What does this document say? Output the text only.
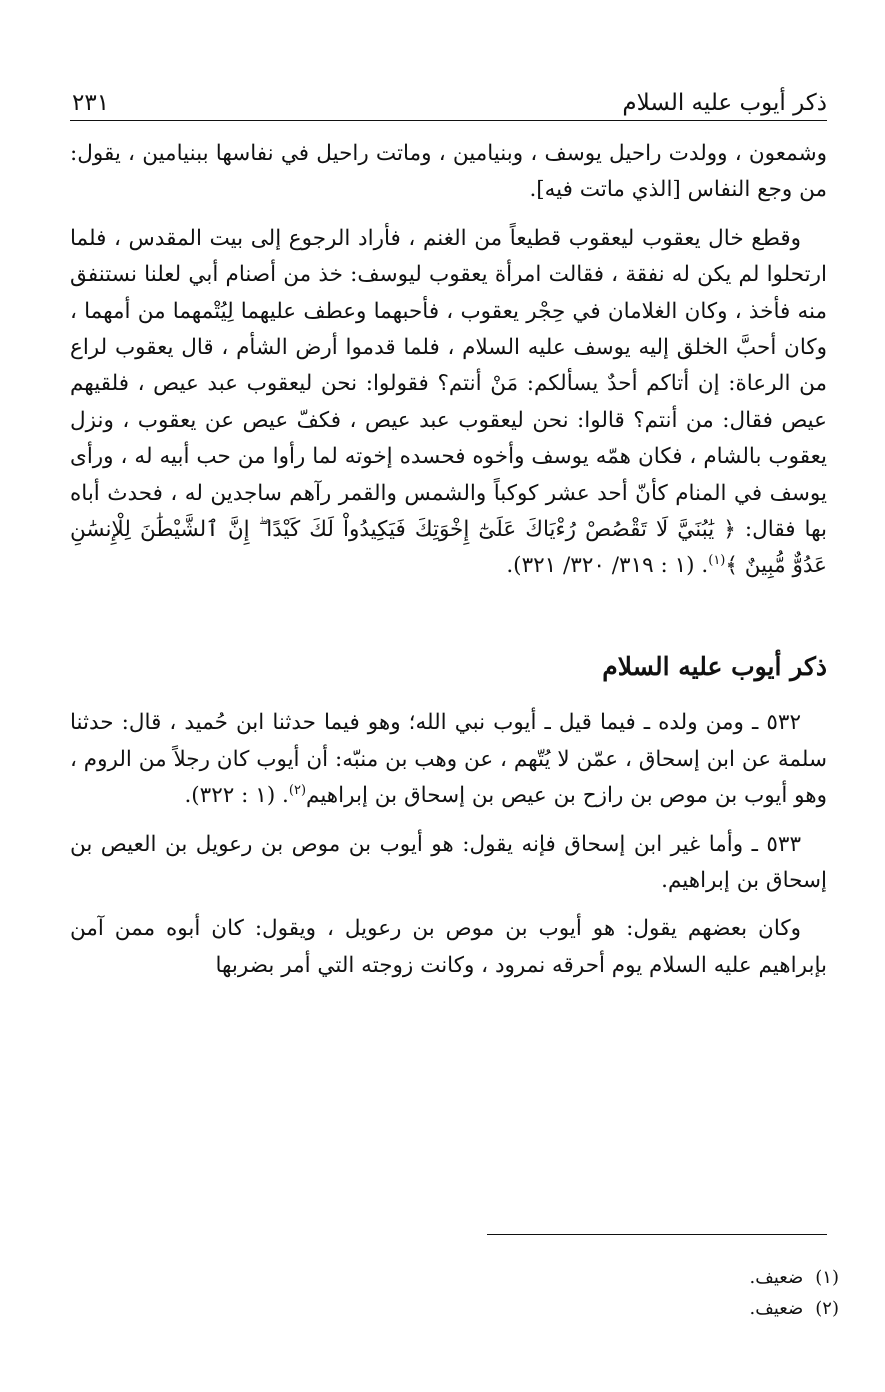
ذكر أيوب عليه السلام
٢٣١

وشمعون ، وولدت راحيل يوسف ، وبنيامين ، وماتت راحيل في نفاسها ببنيامين ، يقول: من وجع النفاس [الذي ماتت فيه].

وقطع خال يعقوب ليعقوب قطيعاً من الغنم ، فأراد الرجوع إلى بيت المقدس ، فلما ارتحلوا لم يكن له نفقة ، فقالت امرأة يعقوب ليوسف: خذ من أصنام أبي لعلنا نستنفق منه فأخذ ، وكان الغلامان في حِجْر يعقوب ، فأحبهما وعطف عليهما لِيُتْمهما من أمهما ، وكان أحبَّ الخلق إليه يوسف عليه السلام ، فلما قدموا أرض الشأم ، قال يعقوب لراع من الرعاة: إن أتاكم أحدٌ يسألكم: مَنْ أنتم؟ فقولوا: نحن ليعقوب عبد عيص ، فلقيهم عيص فقال: من أنتم؟ قالوا: نحن ليعقوب عبد عيص ، فكفّ عيص عن يعقوب ، ونزل يعقوب بالشام ، فكان همّه يوسف وأخوه فحسده إخوته لما رأوا من حب أبيه له ، ورأى يوسف في المنام كأنّ أحد عشر كوكباً والشمس والقمر رآهم ساجدين له ، فحدث أباه بها فقال: ﴿ يَٰبُنَيَّ لَا تَقْصُصْ رُءْيَاكَ عَلَىٰٓ إِخْوَتِكَ فَيَكِيدُواْ لَكَ كَيْدًا ۖ إِنَّ ٱلشَّيْطَٰنَ لِلْإِنسَٰنِ عَدُوٌّ مُّبِينٌ ﴾$^{(١)}$. (١ : ٣١٩/ ٣٢٠/ ٣٢١).

ذكر أيوب عليه السلام

٥٣٢ ـ ومن ولده ـ فيما قيل ـ أيوب نبي الله؛ وهو فيما حدثنا ابن حُميد ، قال: حدثنا سلمة عن ابن إسحاق ، عمّن لا يُتّهم ، عن وهب بن منبّه: أن أيوب كان رجلاً من الروم ، وهو أيوب بن موص بن رازح بن عيص بن إسحاق بن إبراهيم$^{(٢)}$. (١ : ٣٢٢).

٥٣٣ ـ وأما غير ابن إسحاق فإنه يقول: هو أيوب بن موص بن رعويل بن العيص بن إسحاق بن إبراهيم.

وكان بعضهم يقول: هو أيوب بن موص بن رعويل ، ويقول: كان أبوه ممن آمن بإبراهيم عليه السلام يوم أحرقه نمرود ، وكانت زوجته التي أمر بضربها

(١)ضعيف.
(٢)ضعيف.
